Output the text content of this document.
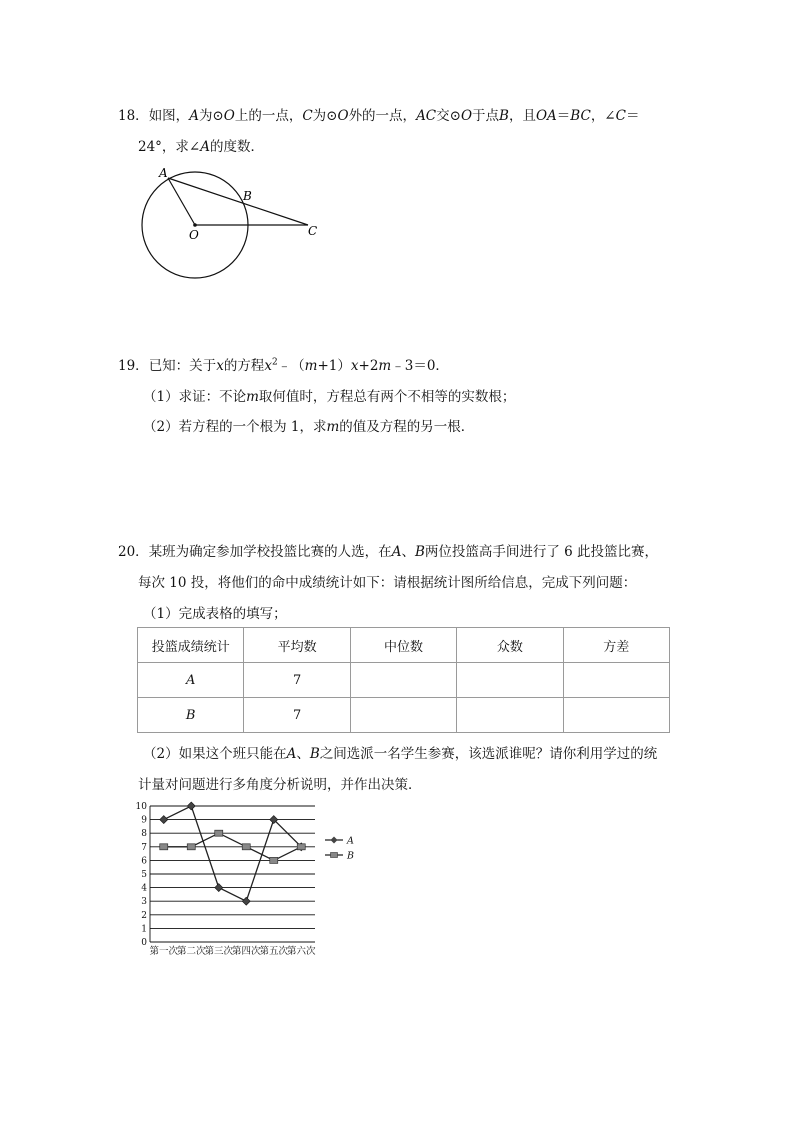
18．如图，A为⊙O上的一点，C为⊙O外的一点，AC交⊙O于点B，且OA＝BC，∠C＝
24°，求∠A的度数．
A
B
O	C
19．已知：关于x的方程$x^2﹣(m+1)x+2m﹣3=0$．
（1）求证：不论m取何值时，方程总有两个不相等的实数根；
（2）若方程的一个根为 1，求m的值及方程的另一根．
20．某班为确定参加学校投篮比赛的人选，在A、B两位投篮高手间进行了 6 此投篮比赛，
每次 10 投，将他们的命中成绩统计如下：请根据统计图所给信息，完成下列问题：
（1）完成表格的填写；
投篮成绩统计	平均数	中位数	众数	方差
A	7			
B	7			
（2）如果这个班只能在A、B之间选派一名学生参赛，该选派谁呢？请你利用学过的统
计量对问题进行多角度分析说明，并作出决策．
0
1
2
3
4
5
6
7
8
9
10
第一次
第二次
第三次
第四次
第五次
第六次
A
B
